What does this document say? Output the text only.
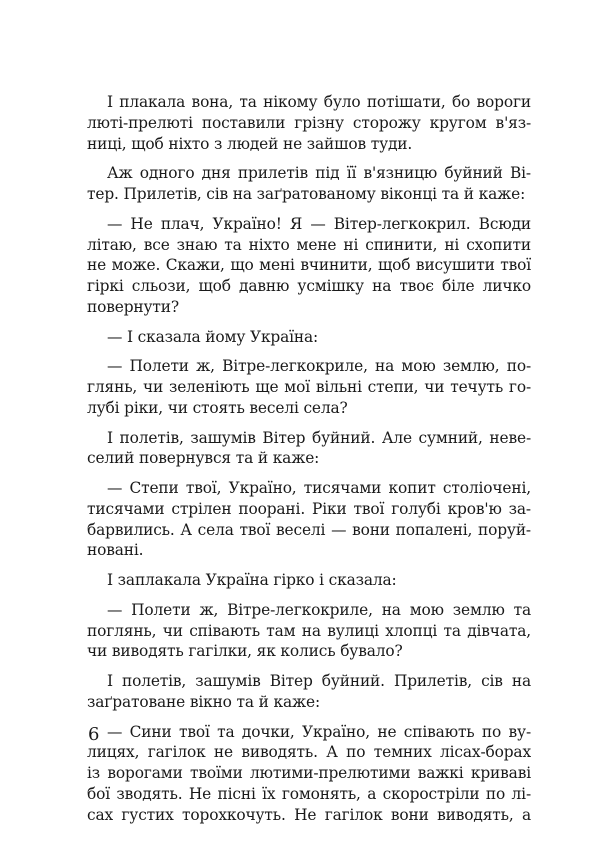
І плакала вона, та нікому було потішати, бо вороги
люті-прелюті поставили грізну сторожу кругом в'яз-
ниці, щоб ніхто з людей не зайшов туди.
Аж одного дня прилетів під її в'язницю буйний Ві-
тер. Прилетів, сів на заґратованому віконці та й каже:
— Не плач, Україно! Я — Вітер-легкокрил. Всюди
літаю, все знаю та ніхто мене ні спинити, ні схопити
не може. Скажи, що мені вчинити, щоб висушити твої
гіркі сльози, щоб давню усмішку на твоє біле личко
повернути?
— І сказала йому Україна:
— Полети ж, Вітре-легкокриле, на мою землю, по-
глянь, чи зеленіють ще мої вільні степи, чи течуть го-
лубі ріки, чи стоять веселі села?
І полетів, зашумів Вітер буйний. Але сумний, неве-
селий повернувся та й каже:
— Степи твої, Україно, тисячами копит століочені,
тисячами стрілен поорані. Ріки твої голубі кров'ю за-
барвились. А села твої веселі — вони попалені, поруй-
новані.
І заплакала Україна гірко і сказала:
— Полети ж, Вітре-легкокриле, на мою землю та
поглянь, чи співають там на вулиці хлопці та дівчата,
чи виводять гагілки, як колись бувало?
І полетів, зашумів Вітер буйний. Прилетів, сів на
заґратоване вікно та й каже:
— Сини твої та дочки, Україно, не співають по ву-
лицях, гагілок не виводять. А по темних лісах-борах
із ворогами твоїми лютими-прелютими важкі криваві
бої зводять. Не пісні їх гомонять, а скоростріли по лі-
сах густих торохкочуть. Не гагілок вони виводять, а
6
